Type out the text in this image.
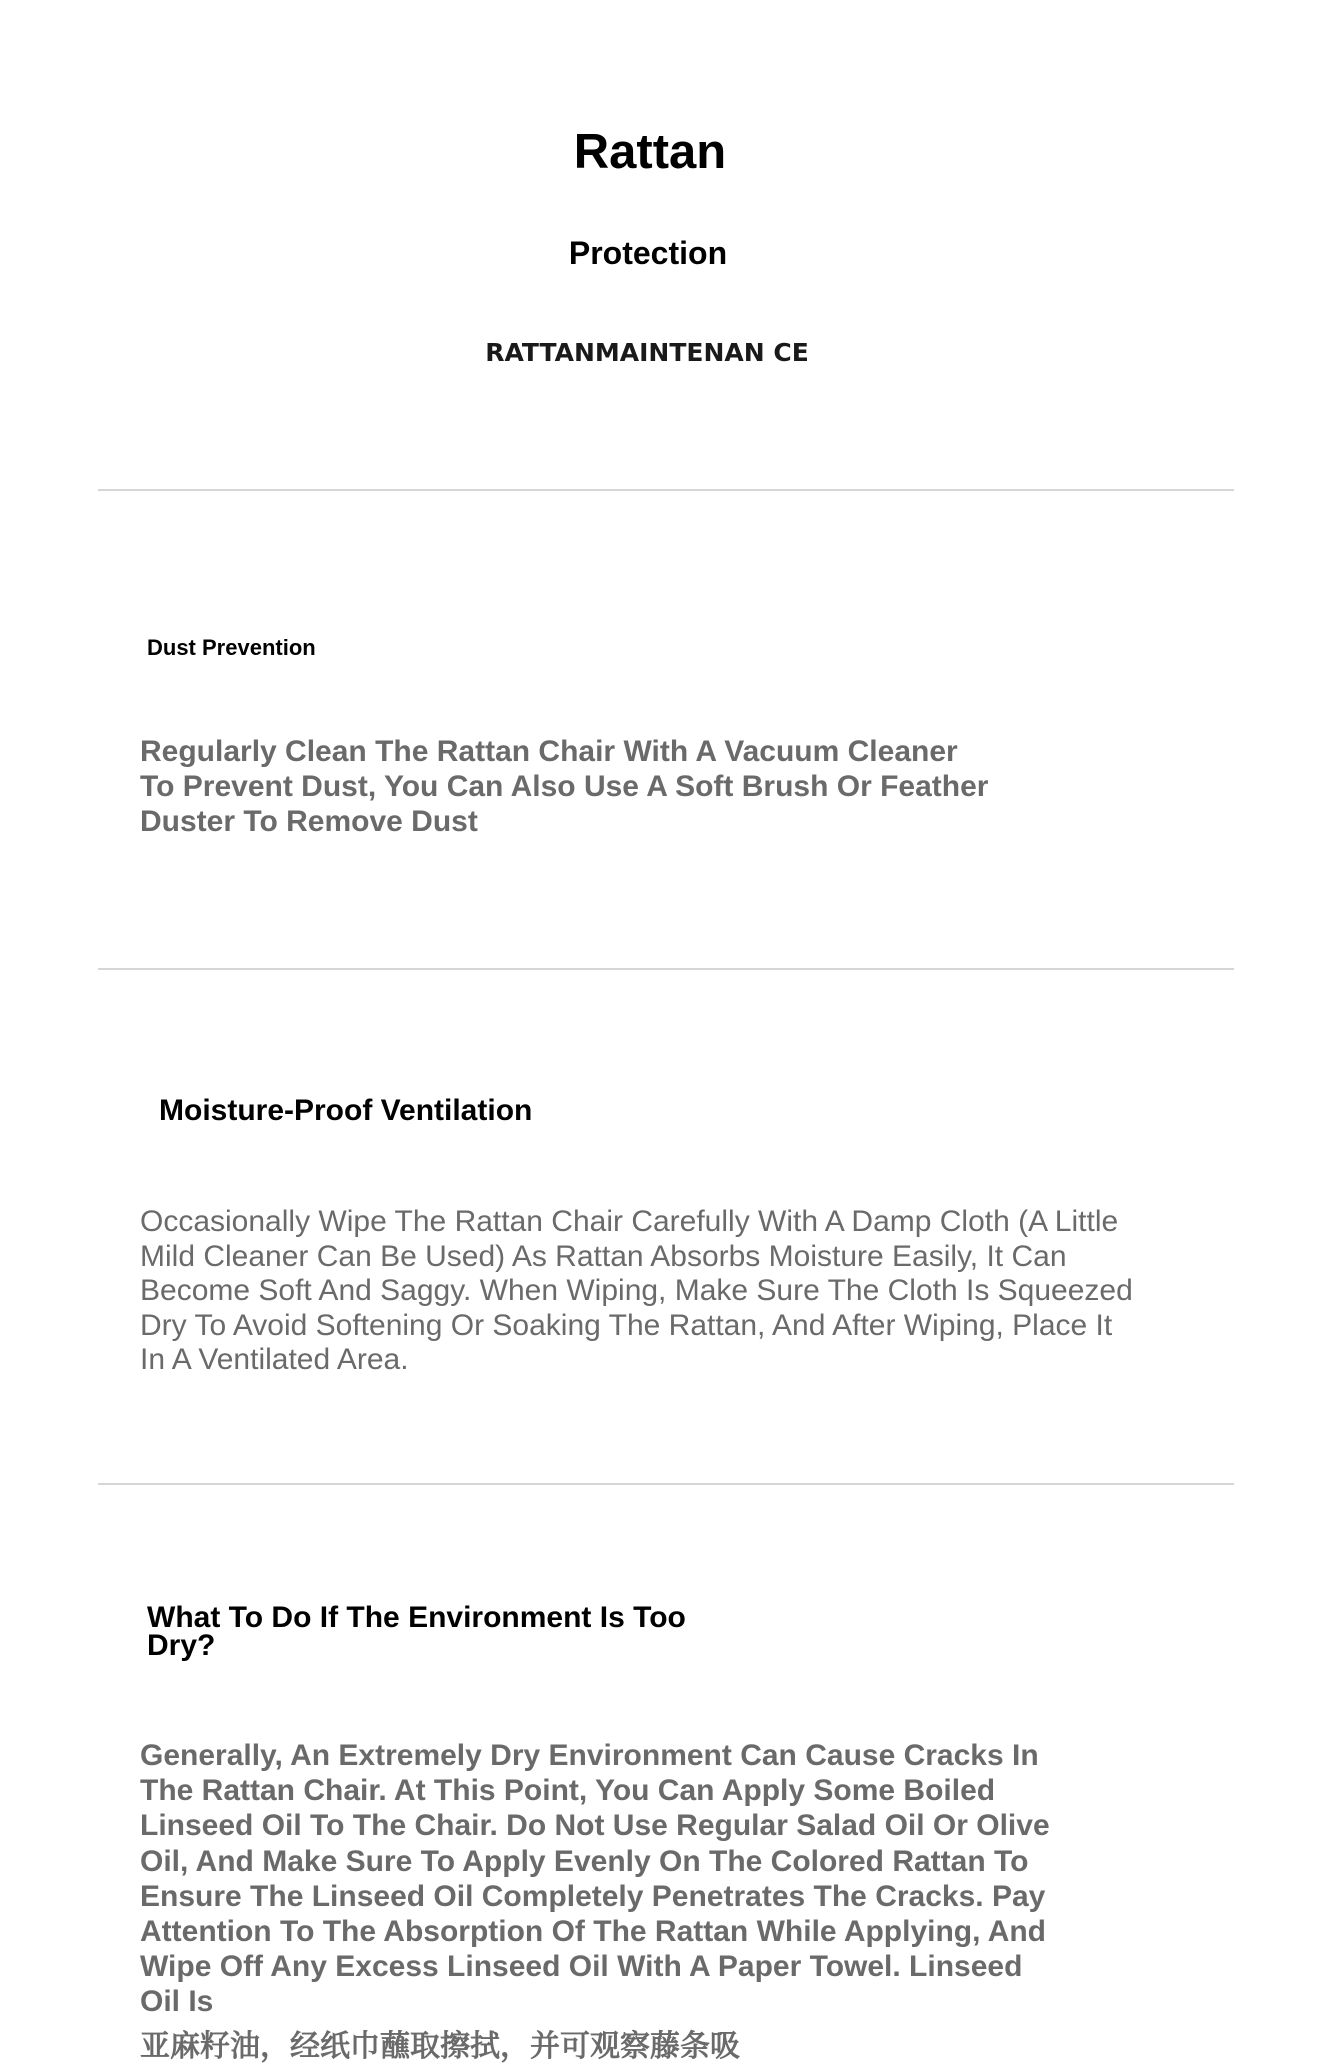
Rattan
Protection
RATTANMAINTENAN CE
Dust Prevention
Regularly Clean The Rattan Chair With A Vacuum Cleaner To Prevent Dust, You Can Also Use A Soft Brush Or Feather Duster To Remove Dust
Moisture-Proof Ventilation
Occasionally Wipe The Rattan Chair Carefully With A Damp Cloth (A Little Mild Cleaner Can Be Used) As Rattan Absorbs Moisture Easily, It Can Become Soft And Saggy. When Wiping, Make Sure The Cloth Is Squeezed Dry To Avoid Softening Or Soaking The Rattan, And After Wiping, Place It In A Ventilated Area.
What To Do If The Environment Is Too Dry?
Generally, An Extremely Dry Environment Can Cause Cracks In The Rattan Chair. At This Point, You Can Apply Some Boiled Linseed Oil To The Chair. Do Not Use Regular Salad Oil Or Olive Oil, And Make Sure To Apply Evenly On The Colored Rattan To Ensure The Linseed Oil Completely Penetrates The Cracks. Pay Attention To The Absorption Of The Rattan While Applying, And Wipe Off Any Excess Linseed Oil With A Paper Towel. Linseed Oil Is
亚麻籽油，经纸巾蘸取擦拭，并可观察藤条吸
